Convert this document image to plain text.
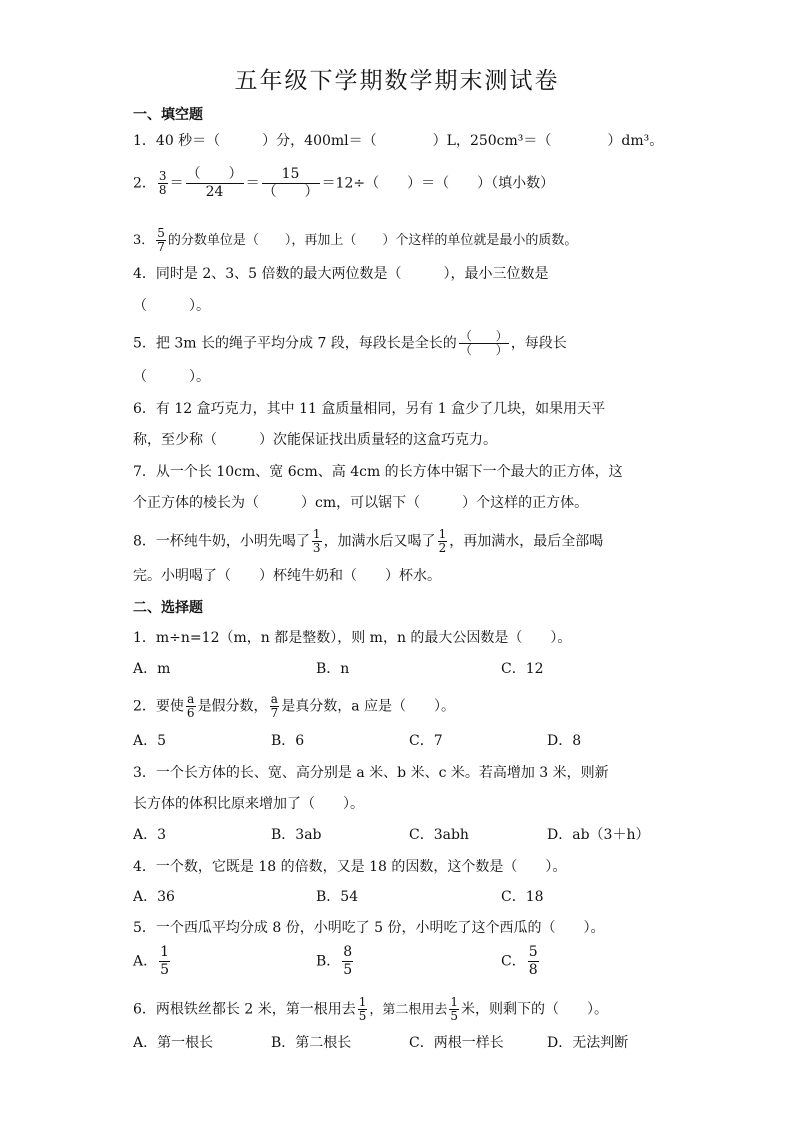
五年级下学期数学期末测试卷
一、填空题
1．40 秒＝（　　　）分，400ml＝（　　　　）L，250cm³＝（　　　　）dm³。
2． $\frac{3}{8} = \frac{( )}{24} = \frac{15}{( )} =12\div$（　　）＝（　　）（填小数）
3． $\frac{5}{7}$ 的分数单位是（　　），再加上（　　）个这样的单位就是最小的质数。
4．同时是 2、3、5 倍数的最大两位数是（　　　），最小三位数是
（　　　）。
5．把 3m 长的绳子平均分成 7 段，每段长是全长的 $\frac{( )}{( )}$ ，每段长
（　　　）。
6．有 12 盒巧克力，其中 11 盒质量相同，另有 1 盒少了几块，如果用天平
称，至少称（　　　）次能保证找出质量轻的这盒巧克力。
7．从一个长 10cm、宽 6cm、高 4cm 的长方体中锯下一个最大的正方体，这
个正方体的棱长为（　　　）cm，可以锯下（　　　）个这样的正方体。
8．一杯纯牛奶，小明先喝了 $\frac{1}{3}$ ，加满水后又喝了 $\frac{1}{2}$ ，再加满水，最后全部喝
完。小明喝了（　　）杯纯牛奶和（　　）杯水。
二、选择题
1．m÷n=12（m，n 都是整数），则 m，n 的最大公因数是（　　）。
A．m	B．n	C．12
2．要使 $\frac{a}{6}$ 是假分数， $\frac{a}{7}$ 是真分数，a 应是（　　）。
A．5	B．6	C．7	D．8
3．一个长方体的长、宽、高分别是 a 米、b 米、c 米。若高增加 3 米，则新
长方体的体积比原来增加了（　　）。
A．3	B．3ab	C．3abh	D．ab（3＋h）
4．一个数，它既是 18 的倍数，又是 18 的因数，这个数是（　　）。
A．36	B．54	C．18
5．一个西瓜平均分成 8 份，小明吃了 5 份，小明吃了这个西瓜的（　　）。
A． $\frac{1}{5}$	B． $\frac{8}{5}$	C． $\frac{5}{8}$
6．两根铁丝都长 2 米，第一根用去 $\frac{1}{5}$ ，第二根用去 $\frac{1}{5}$ 米，则剩下的（　　）。
A．第一根长	B．第二根长	C．两根一样长	D．无法判断
